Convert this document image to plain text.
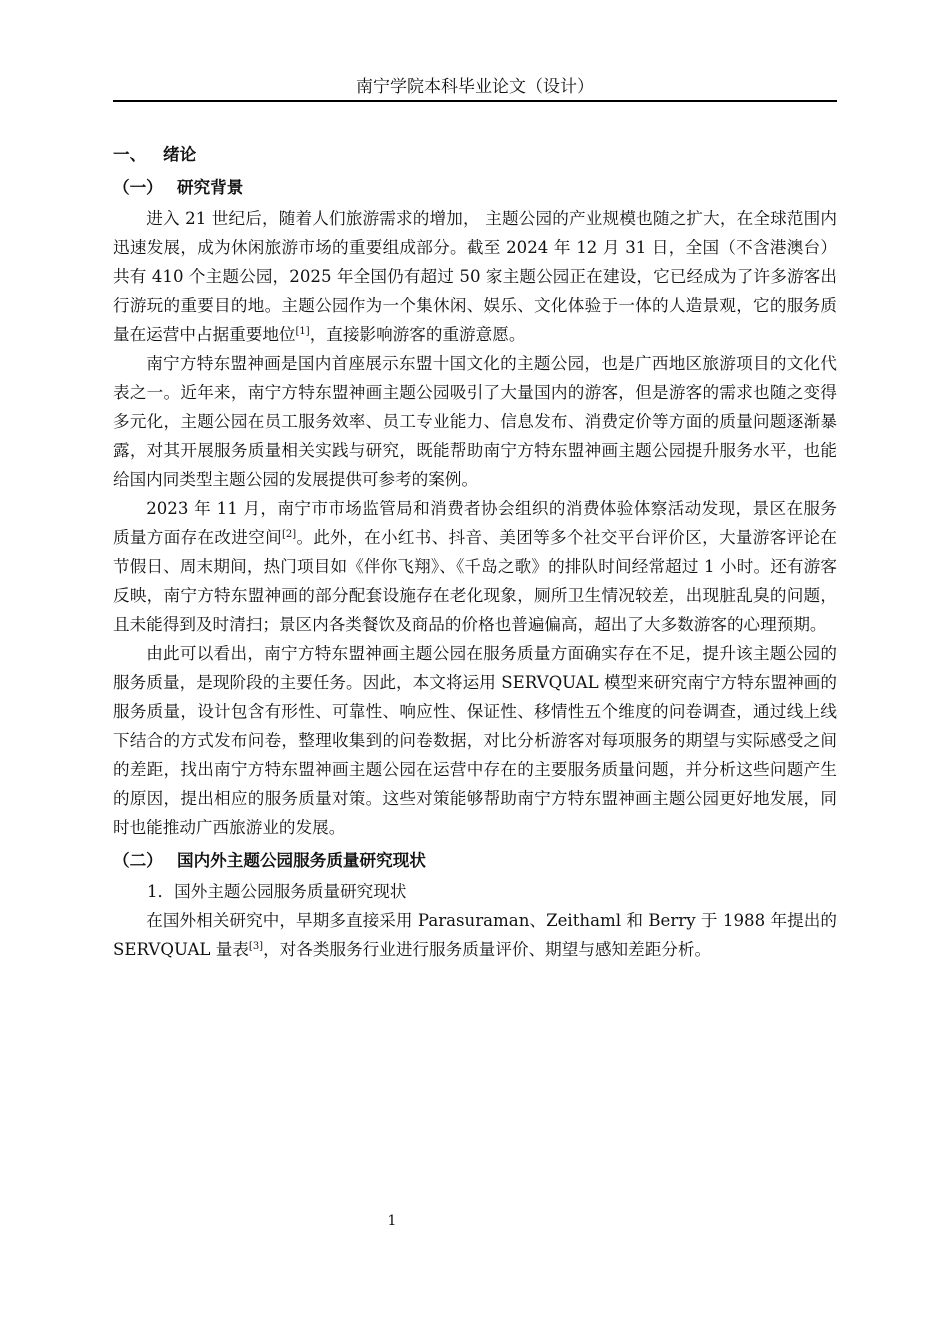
南宁学院本科毕业论文（设计）
一、 绪论
（一） 研究背景

进入 21 世纪后，随着人们旅游需求的增加， 主题公园的产业规模也随之扩大，在全球范围内迅速发展，成为休闲旅游市场的重要组成部分。截至 2024 年 12 月 31 日，全国（不含港澳台）共有 410 个主题公园，2025 年全国仍有超过 50 家主题公园正在建设，它已经成为了许多游客出行游玩的重要目的地。主题公园作为一个集休闲、娱乐、文化体验于一体的人造景观，它的服务质量在运营中占据重要地位[1]，直接影响游客的重游意愿。

南宁方特东盟神画是国内首座展示东盟十国文化的主题公园，也是广西地区旅游项目的文化代表之一。近年来，南宁方特东盟神画主题公园吸引了大量国内的游客，但是游客的需求也随之变得多元化，主题公园在员工服务效率、员工专业能力、信息发布、消费定价等方面的质量问题逐渐暴露，对其开展服务质量相关实践与研究，既能帮助南宁方特东盟神画主题公园提升服务水平，也能给国内同类型主题公园的发展提供可参考的案例。

2023 年 11 月，南宁市市场监管局和消费者协会组织的消费体验体察活动发现，景区在服务质量方面存在改进空间[2]。此外，在小红书、抖音、美团等多个社交平台评价区，大量游客评论在节假日、周末期间，热门项目如《伴你飞翔》、《千岛之歌》的排队时间经常超过 1 小时。还有游客反映，南宁方特东盟神画的部分配套设施存在老化现象，厕所卫生情况较差，出现脏乱臭的问题，且未能得到及时清扫；景区内各类餐饮及商品的价格也普遍偏高，超出了大多数游客的心理预期。

由此可以看出，南宁方特东盟神画主题公园在服务质量方面确实存在不足，提升该主题公园的服务质量，是现阶段的主要任务。因此，本文将运用 SERVQUAL 模型来研究南宁方特东盟神画的服务质量，设计包含有形性、可靠性、响应性、保证性、移情性五个维度的问卷调查，通过线上线下结合的方式发布问卷，整理收集到的问卷数据，对比分析游客对每项服务的期望与实际感受之间的差距，找出南宁方特东盟神画主题公园在运营中存在的主要服务质量问题，并分析这些问题产生的原因，提出相应的服务质量对策。这些对策能够帮助南宁方特东盟神画主题公园更好地发展，同时也能推动广西旅游业的发展。

（二） 国内外主题公园服务质量研究现状
1．国外主题公园服务质量研究现状

在国外相关研究中，早期多直接采用 Parasuraman、Zeithaml 和 Berry 于 1988 年提出的 SERVQUAL 量表[3]，对各类服务行业进行服务质量评价、期望与感知差距分析。

1
